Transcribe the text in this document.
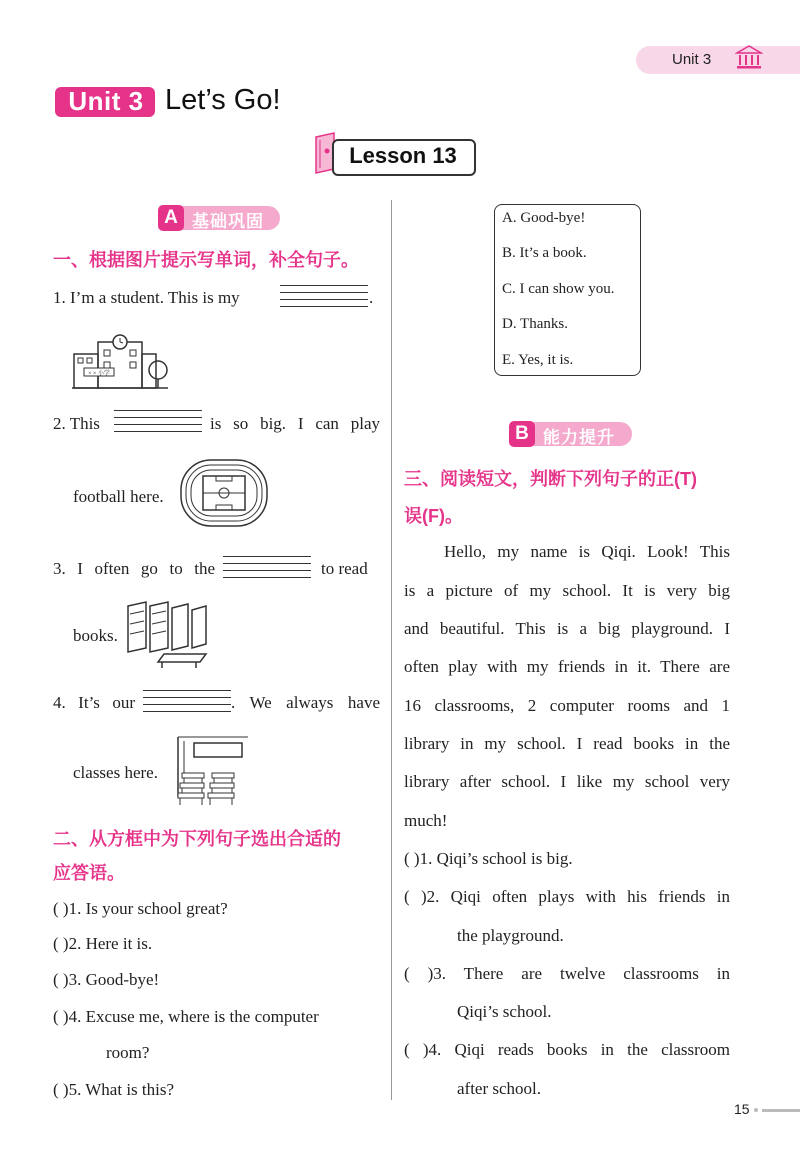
Unit 3
Unit 3 Let’s Go!
Lesson 13
A 基础巩固
一、根据图片提示写单词，补全句子。
1. I’m a student. This is my	.
× × 小学
2. This	is so big. I can play
football here.
3. I often go to the	to read
books.
4. It’s our	. We always have
classes here.
二、从方框中为下列句子选出合适的
应答语。
( )1. Is your school great?
( )2. Here it is.
( )3. Good-bye!
( )4. Excuse me, where is the computer
room?
( )5. What is this?
A. Good-bye!
B. It’s a book.
C. I can show you.
D. Thanks.
E. Yes, it is.
B 能力提升
三、阅读短文，判断下列句子的正(T)
误(F)。
Hello, my name is Qiqi. Look! This
is a picture of my school. It is very big
and beautiful. This is a big playground. I
often play with my friends in it. There are
16 classrooms, 2 computer rooms and 1
library in my school. I read books in the
library after school. I like my school very
much!
( )1. Qiqi’s school is big.
( )2. Qiqi often plays with his friends in
the playground.
( )3. There are twelve classrooms in
Qiqi’s school.
( )4. Qiqi reads books in the classroom
after school.
15
